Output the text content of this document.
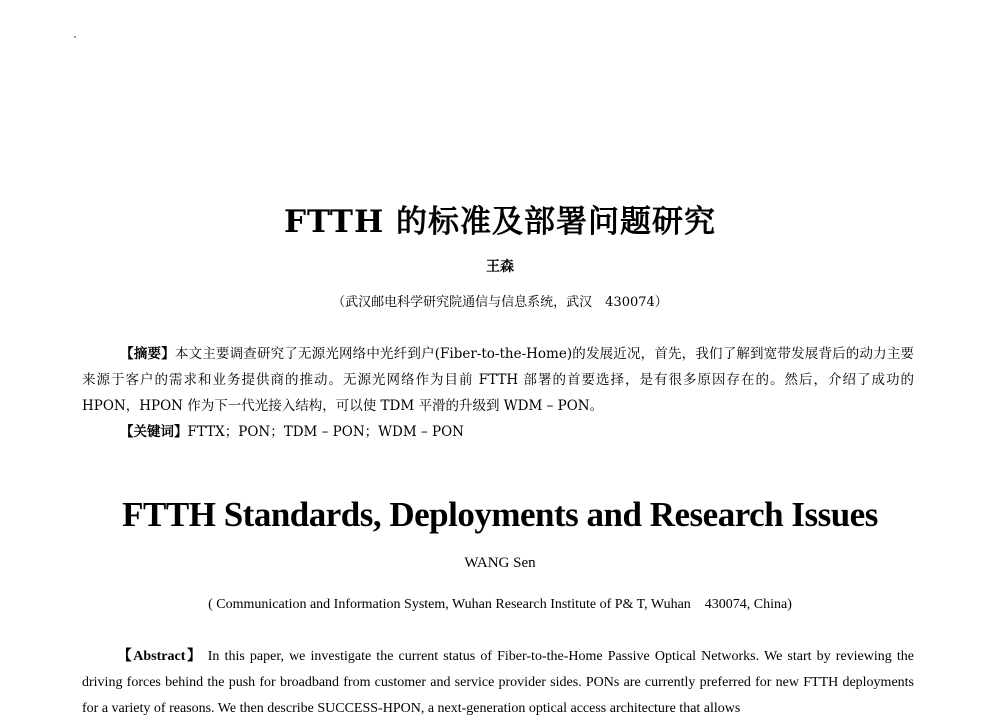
FTTH 的标准及部署问题研究
王森
（武汉邮电科学研究院通信与信息系统，武汉　430074）
【摘要】本文主要调查研究了无源光网络中光纤到户(Fiber-to-the-Home)的发展近况，首先，我们了解到宽带发展背后的动力主要来源于客户的需求和业务提供商的推动。无源光网络作为目前 FTTH 部署的首要选择，是有很多原因存在的。然后，介绍了成功的 HPON，HPON 作为下一代光接入结构，可以使 TDM 平滑的升级到 WDM – PON。
【关键词】FTTX；PON；TDM – PON；WDM – PON
FTTH Standards, Deployments and Research Issues
WANG Sen
( Communication and Information System, Wuhan Research Institute of P& T, Wuhan　430074, China)
【Abstract】 In this paper, we investigate the current status of Fiber-to-the-Home Passive Optical Networks. We start by reviewing the driving forces behind the push for broadband from customer and service provider sides. PONs are currently preferred for new FTTH deployments for a variety of reasons. We then describe SUCCESS-HPON, a next-generation optical access architecture that allows
